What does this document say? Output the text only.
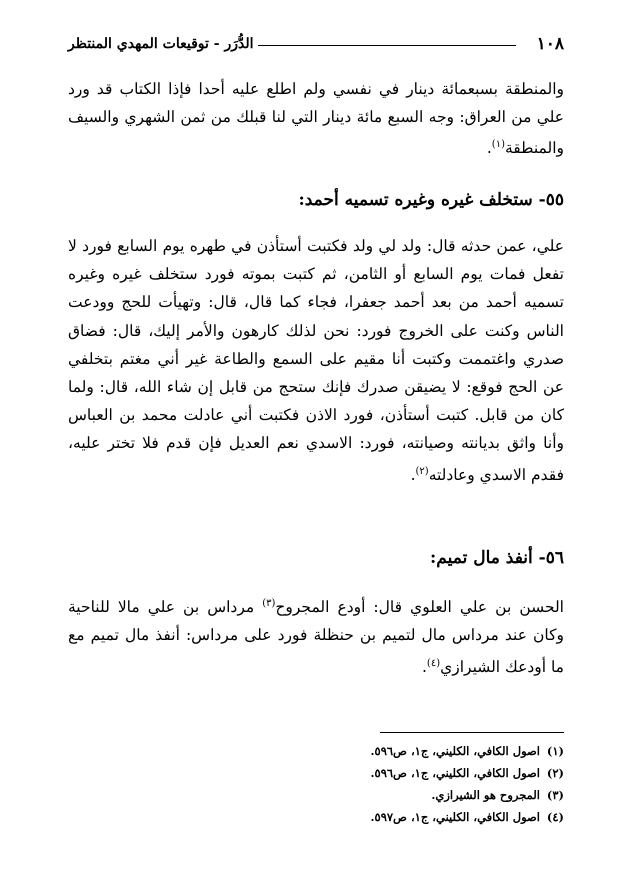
١٠٨
الدُّرَر - توقيعات المهدي المنتظر
والمنطقة بسبعمائة دينار في نفسي ولم اطلع عليه أحدا فإذا الكتاب قد ورد علي من العراق: وجه السبع مائة دينار التي لنا قبلك من ثمن الشهري والسيف والمنطقة$^{(١)}$.
٥٥- ستخلف غيره وغيره تسميه أحمد:
علي، عمن حدثه قال: ولد لي ولد فكتبت أستأذن في طهره يوم السابع فورد لا تفعل فمات يوم السابع أو الثامن، ثم كتبت بموته فورد ستخلف غيره وغيره تسميه أحمد من بعد أحمد جعفرا، فجاء كما قال، قال: وتهيأت للحج وودعت الناس وكنت على الخروج فورد: نحن لذلك كارهون والأمر إليك، قال: فضاق صدري واغتممت وكتبت أنا مقيم على السمع والطاعة غير أني مغتم بتخلفي عن الحج فوقع: لا يضيقن صدرك فإنك ستحج من قابل إن شاء الله، قال: ولما كان من قابل. كتبت أستأذن، فورد الاذن فكتبت أني عادلت محمد بن العباس وأنا واثق بديانته وصيانته، فورد: الاسدي نعم العديل فإن قدم فلا تختر عليه، فقدم الاسدي وعادلته$^{(٢)}$.
٥٦- أنفذ مال تميم:
الحسن بن علي العلوي قال: أودع المجروح$^{(٣)}$ مرداس بن علي مالا للناحية وكان عند مرداس مال لتميم بن حنظلة فورد على مرداس: أنفذ مال تميم مع ما أودعك الشيرازي$^{(٤)}$.
(١)اصول الكافي، الكليني، ج١، ص٥٩٦.
(٢)اصول الكافي، الكليني، ج١، ص٥٩٦.
(٣)المجروح هو الشيرازي.
(٤)اصول الكافي، الكليني، ج١، ص٥٩٧.
